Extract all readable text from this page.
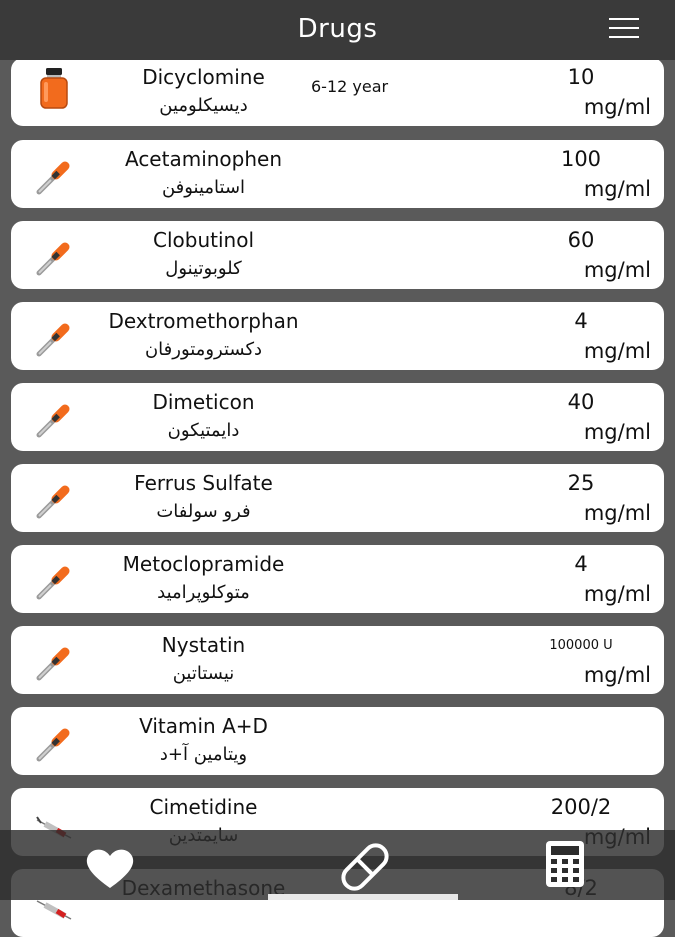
Dicyclomine
دیسیکلومین
6-12 year	10
mg/ml
Acetaminophen
استامینوفن
100
mg/ml
Clobutinol
کلوبوتینول
60
mg/ml
Dextromethorphan
دکسترومتورفان
4
mg/ml
Dimeticon
دایمتیکون
40
mg/ml
Ferrus Sulfate
فرو سولفات
25
mg/ml
Metoclopramide
متوکلوپرامید
4
mg/ml
Nystatin
نیستاتین
100000 U
mg/ml
Vitamin A+D
ویتامین آ+د
Cimetidine	200/2
Drugs
